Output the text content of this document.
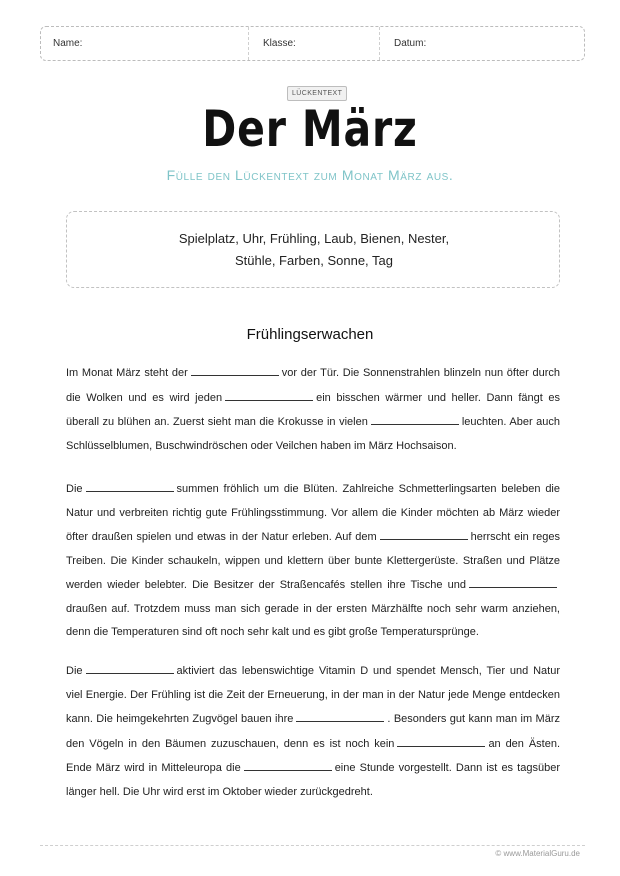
Name:	Klasse:	Datum:
LÜCKENTEXT
Der März
Fülle den Lückentext zum Monat März aus.
Spielplatz, Uhr, Frühling, Laub, Bienen, Nester,
Stühle, Farben, Sonne, Tag
Frühlingserwachen

Im Monat März steht der	vor der Tür. Die Sonnenstrahlen blinzeln nun öfter durch die Wolken und es wird jeden	ein bisschen wärmer und heller. Dann fängt es überall zu blühen an. Zuerst sieht man die Krokusse in vielen	leuchten. Aber auch Schlüsselblumen, Buschwindröschen oder Veilchen haben im März Hochsaison.

Die	summen fröhlich um die Blüten. Zahlreiche Schmetterlingsarten beleben die Natur und verbreiten richtig gute Frühlingsstimmung. Vor allem die Kinder möchten ab März wieder öfter draußen spielen und etwas in der Natur erleben. Auf dem	herrscht ein reges Treiben. Die Kinder schaukeln, wippen und klettern über bunte Klettergerüste. Straßen und Plätze werden wieder belebter. Die Besitzer der Straßencafés stellen ihre Tische unddraußen auf. Trotzdem muss man sich gerade in der ersten Märzhälfte noch sehr warm anziehen, denn die Temperaturen sind oft noch sehr kalt und es gibt große Temperatursprünge.

Die	aktiviert das lebenswichtige Vitamin D und spendet Mensch, Tier und Natur viel Energie. Der Frühling ist die Zeit der Erneuerung, in der man in der Natur jede Menge entdecken kann. Die heimgekehrten Zugvögel bauen ihre	. Besonders gut kann man im März den Vögeln in den Bäumen zuzuschauen, denn es ist noch kein	an den Ästen. Ende März wird in Mitteleuropa die	eine Stunde vorgestellt. Dann ist es tagsüber länger hell. Die Uhr wird erst im Oktober wieder zurückgedreht.

© www.MaterialGuru.de
